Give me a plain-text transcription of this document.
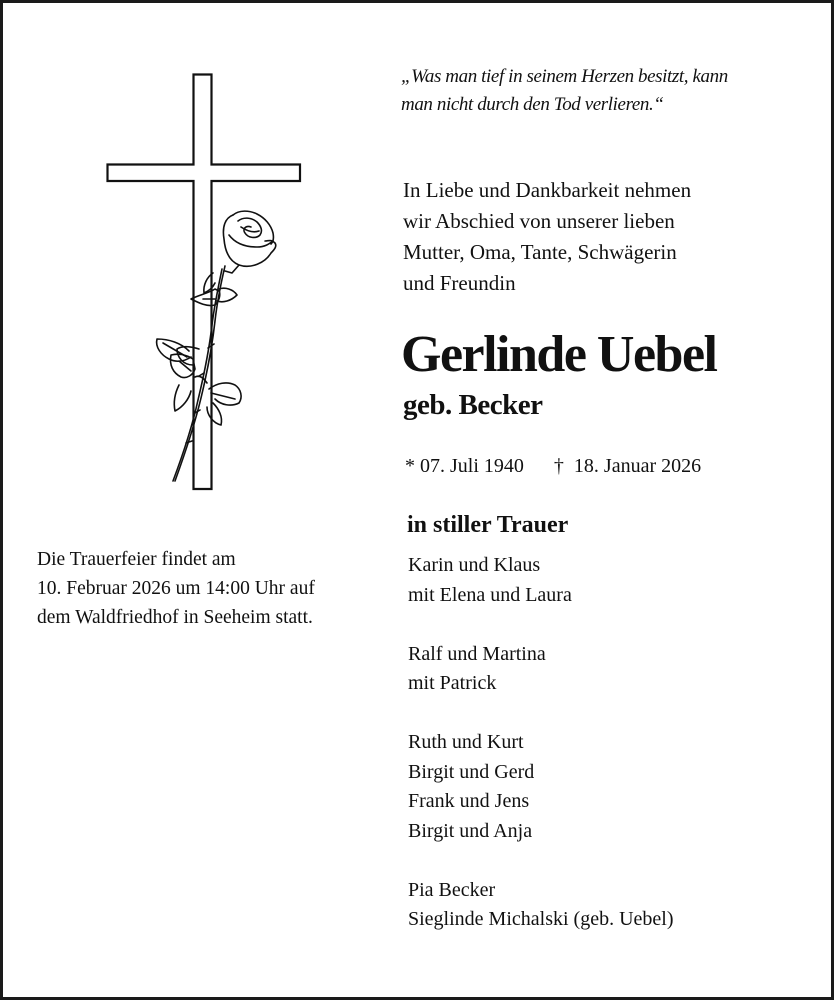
„Was man tief in seinem Herzen besitzt, kann
man nicht durch den Tod verlieren.“
In Liebe und Dankbarkeit nehmen
wir Abschied von unserer lieben
Mutter, Oma, Tante, Schwägerin
und Freundin
Gerlinde Uebel
geb. Becker
* 07. Juli 1940 † 18. Januar 2026
in stiller Trauer
Karin und Klaus
mit Elena und Laura
Ralf und Martina
mit Patrick
Ruth und Kurt
Birgit und Gerd
Frank und Jens
Birgit und Anja
Pia Becker
Sieglinde Michalski (geb. Uebel)
Die Trauerfeier findet am
10. Februar 2026 um 14:00 Uhr auf
dem Waldfriedhof in Seeheim statt.
